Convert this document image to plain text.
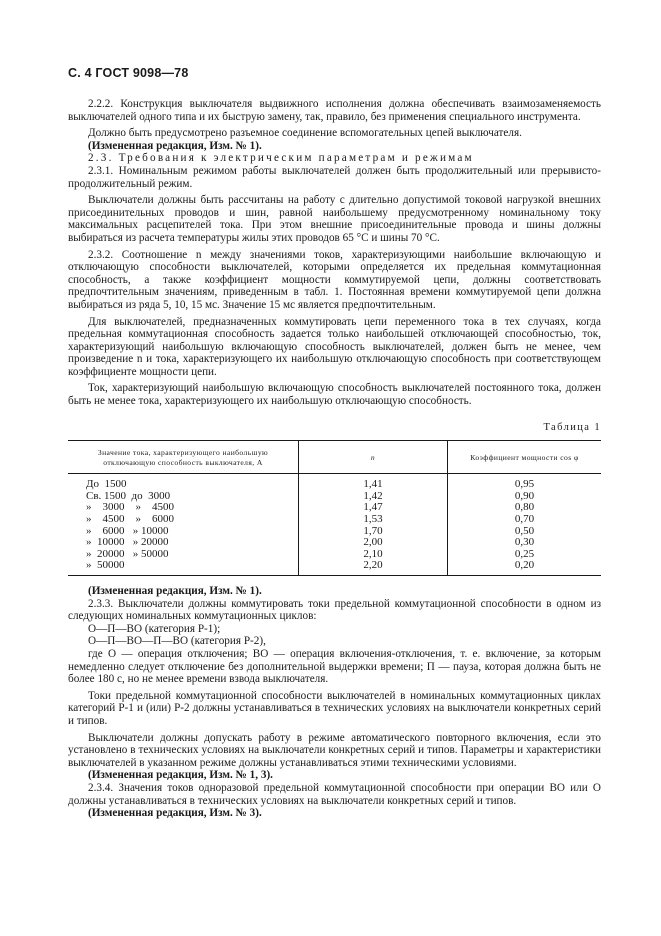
С. 4 ГОСТ 9098—78

2.2.2. Конструкция выключателя выдвижного исполнения должна обеспечивать взаимозаменяемость выключателей одного типа и их быструю замену, так, правило, без применения специального инструмента.

Должно быть предусмотрено разъемное соединение вспомогательных цепей выключателя.

(Измененная редакция, Изм. № 1).

2.3. Требования к электрическим параметрам и режимам

2.3.1. Номинальным режимом работы выключателей должен быть продолжительный или прерывисто-продолжительный режим.

Выключатели должны быть рассчитаны на работу с длительно допустимой токовой нагрузкой внешних присоединительных проводов и шин, равной наибольшему предусмотренному номинальному току максимальных расцепителей тока. При этом внешние присоединительные провода и шины должны выбираться из расчета температуры жилы этих проводов 65 °С и шины 70 °С.

2.3.2. Соотношение n между значениями токов, характеризующими наибольшие включающую и отключающую способности выключателей, которыми определяется их предельная коммутационная способность, а также коэффициент мощности коммутируемой цепи, должны соответствовать предпочтительным значениям, приведенным в табл. 1. Постоянная времени коммутируемой цепи должна выбираться из ряда 5, 10, 15 мс. Значение 15 мс является предпочтительным.

Для выключателей, предназначенных коммутировать цепи переменного тока в тех случаях, когда предельная коммутационная способность задается только наибольшей отключающей способностью, ток, характеризующий наибольшую включающую способность выключателей, должен быть не менее, чем произведение n и тока, характеризующего их наибольшую отключающую способность при соответствующем коэффициенте мощности цепи.

Ток, характеризующий наибольшую включающую способность выключателей постоянного тока, должен быть не менее тока, характеризующего их наибольшую отключающую способность.

Таблица 1
Значение тока, характеризующего наибольшую отключающую способность выключателя, А	n	Коэффициент мощности cos φ
До  1500	1,41	0,95
Св. 1500  до  3000	1,42	0,90
»    3000    »    4500	1,47	0,80
»    4500    »    6000	1,53	0,70
»    6000   » 10000	1,70	0,50
»  10000   » 20000	2,00	0,30
»  20000   » 50000	2,10	0,25
»  50000	2,20	0,20

(Измененная редакция, Изм. № 1).

2.3.3. Выключатели должны коммутировать токи предельной коммутационной способности в одном из следующих номинальных коммутационных циклов:

О—П—ВО (категория Р-1);

О—П—ВО—П—ВО (категория Р-2),

где О — операция отключения; ВО — операция включения-отключения, т. е. включение, за которым немедленно следует отключение без дополнительной выдержки времени; П — пауза, которая должна быть не более 180 с, но не менее времени взвода выключателя.

Токи предельной коммутационной способности выключателей в номинальных коммутационных циклах категорий Р-1 и (или) Р-2 должны устанавливаться в технических условиях на выключатели конкретных серий и типов.

Выключатели должны допускать работу в режиме автоматического повторного включения, если это установлено в технических условиях на выключатели конкретных серий и типов. Параметры и характеристики выключателей в указанном режиме должны устанавливаться этими техническими условиями.

(Измененная редакция, Изм. № 1, 3).

2.3.4. Значения токов одноразовой предельной коммутационной способности при операции ВО или О должны устанавливаться в технических условиях на выключатели конкретных серий и типов.

(Измененная редакция, Изм. № 3).
